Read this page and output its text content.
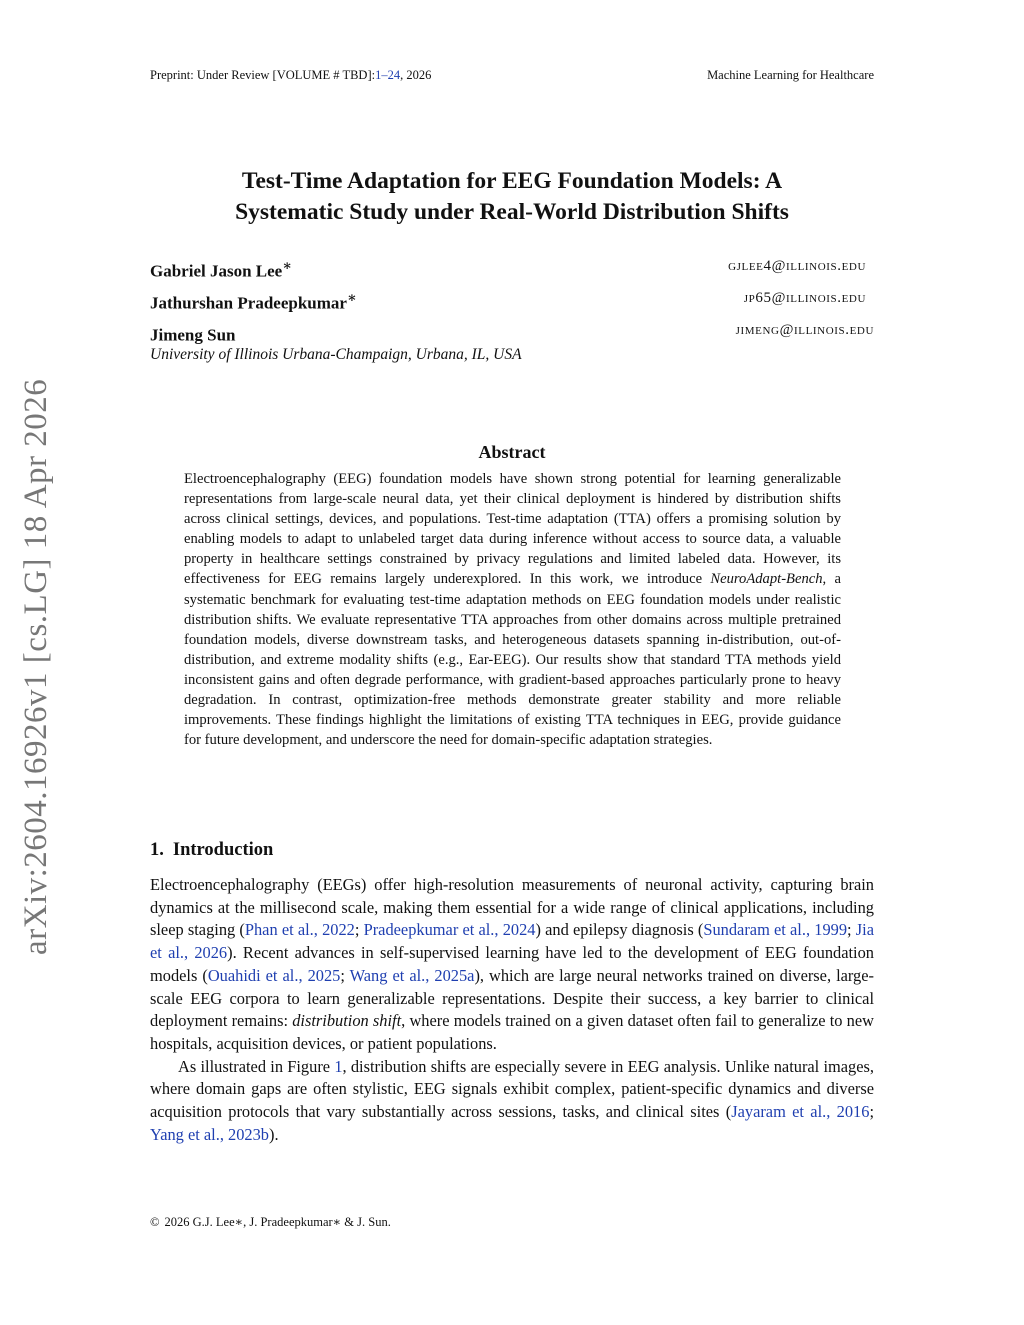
Preprint: Under Review [VOLUME # TBD]:1–24, 2026	Machine Learning for Healthcare
arXiv:2604.16926v1 [cs.LG] 18 Apr 2026
Test-Time Adaptation for EEG Foundation Models: A
Systematic Study under Real-World Distribution Shifts
Gabriel Jason Lee∗	gjlee4@illinois.edu
Jathurshan Pradeepkumar∗	jp65@illinois.edu
Jimeng Sun	jimeng@illinois.edu
University of Illinois Urbana-Champaign, Urbana, IL, USA
Abstract
Electroencephalography (EEG) foundation models have shown strong potential for learning generalizable representations from large-scale neural data, yet their clinical deployment is hindered by distribution shifts across clinical settings, devices, and populations. Test-time adaptation (TTA) offers a promising solution by enabling models to adapt to unlabeled target data during inference without access to source data, a valuable property in healthcare settings constrained by privacy regulations and limited labeled data. However, its effectiveness for EEG remains largely underexplored. In this work, we introduce NeuroAdapt-Bench, a systematic benchmark for evaluating test-time adaptation methods on EEG foundation models under realistic distribution shifts. We evaluate representative TTA approaches from other domains across multiple pretrained foundation models, diverse downstream tasks, and heterogeneous datasets spanning in-distribution, out-of-distribution, and extreme modality shifts (e.g., Ear-EEG). Our results show that standard TTA methods yield inconsistent gains and often degrade performance, with gradient-based approaches particularly prone to heavy degradation. In contrast, optimization-free methods demonstrate greater stability and more reliable improvements. These findings highlight the limitations of existing TTA techniques in EEG, provide guidance for future development, and underscore the need for domain-specific adaptation strategies.
1. Introduction

Electroencephalography (EEGs) offer high-resolution measurements of neuronal activity, capturing brain dynamics at the millisecond scale, making them essential for a wide range of clinical applications, including sleep staging (Phan et al., 2022; Pradeepkumar et al., 2024) and epilepsy diagnosis (Sundaram et al., 1999; Jia et al., 2026). Recent advances in self-supervised learning have led to the development of EEG foundation models (Ouahidi et al., 2025; Wang et al., 2025a), which are large neural networks trained on diverse, large-scale EEG corpora to learn generalizable representations. Despite their success, a key barrier to clinical deployment remains: distribution shift, where models trained on a given dataset often fail to generalize to new hospitals, acquisition devices, or patient populations.

As illustrated in Figure 1, distribution shifts are especially severe in EEG analysis. Unlike natural images, where domain gaps are often stylistic, EEG signals exhibit complex, patient-specific dynamics and diverse acquisition protocols that vary substantially across sessions, tasks, and clinical sites (Jayaram et al., 2016; Yang et al., 2023b).

© 2026 G.J. Lee∗, J. Pradeepkumar∗ & J. Sun.
